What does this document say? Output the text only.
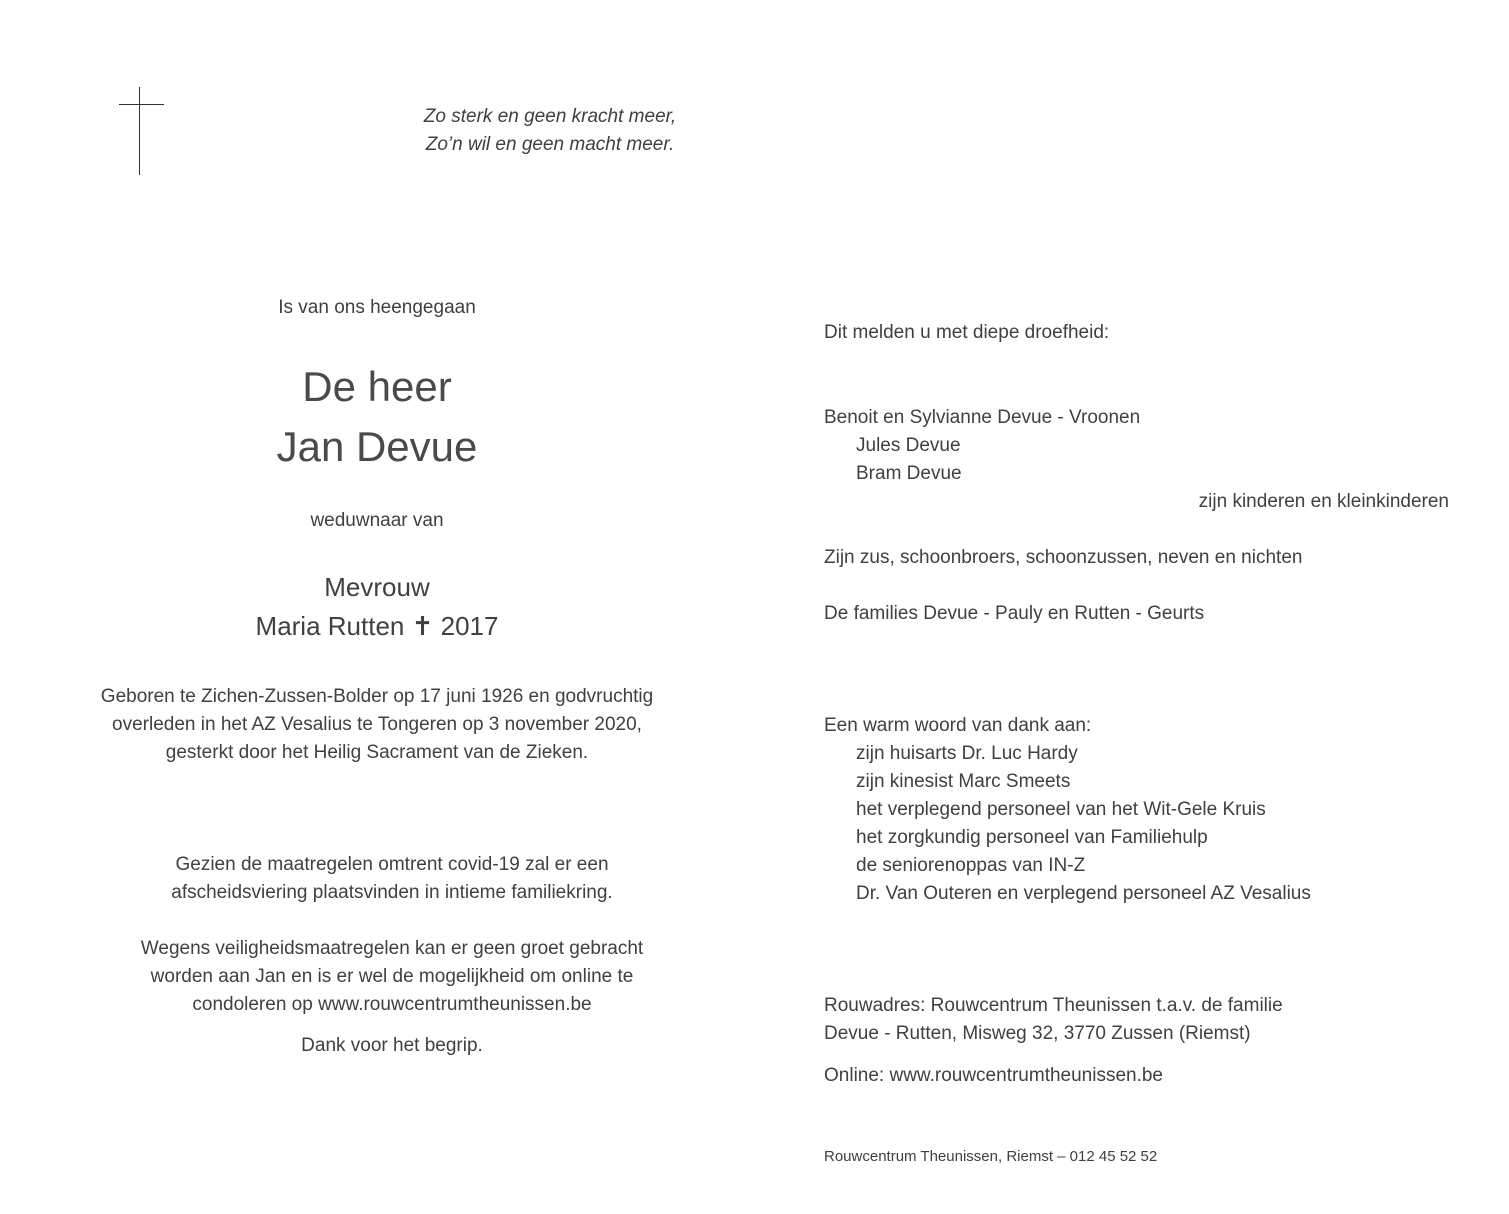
Zo sterk en geen kracht meer,
Zo’n wil en geen macht meer.
Is van ons heengegaan
De heer
Jan Devue
weduwnaar van
Mevrouw
Maria Rutten ✝ 2017
Geboren te Zichen-Zussen-Bolder op 17 juni 1926 en godvruchtig
overleden in het AZ Vesalius te Tongeren op 3 november 2020,
gesterkt door het Heilig Sacrament van de Zieken.
Gezien de maatregelen omtrent covid-19 zal er een
afscheidsviering plaatsvinden in intieme familiekring.
Wegens veiligheidsmaatregelen kan er geen groet gebracht
worden aan Jan en is er wel de mogelijkheid om online te
condoleren op www.rouwcentrumtheunissen.be
Dank voor het begrip.
Dit melden u met diepe droefheid:
Benoit en Sylvianne Devue - Vroonen
Jules Devue
Bram Devue
zijn kinderen en kleinkinderen
Zijn zus, schoonbroers, schoonzussen, neven en nichten
De families Devue - Pauly en Rutten - Geurts
Een warm woord van dank aan:
zijn huisarts Dr. Luc Hardy
zijn kinesist Marc Smeets
het verplegend personeel van het Wit-Gele Kruis
het zorgkundig personeel van Familiehulp
de seniorenoppas van IN-Z
Dr. Van Outeren en verplegend personeel AZ Vesalius
Rouwadres: Rouwcentrum Theunissen t.a.v. de familie
Devue - Rutten, Misweg 32, 3770 Zussen (Riemst)
Online: www.rouwcentrumtheunissen.be
Rouwcentrum Theunissen, Riemst – 012 45 52 52
